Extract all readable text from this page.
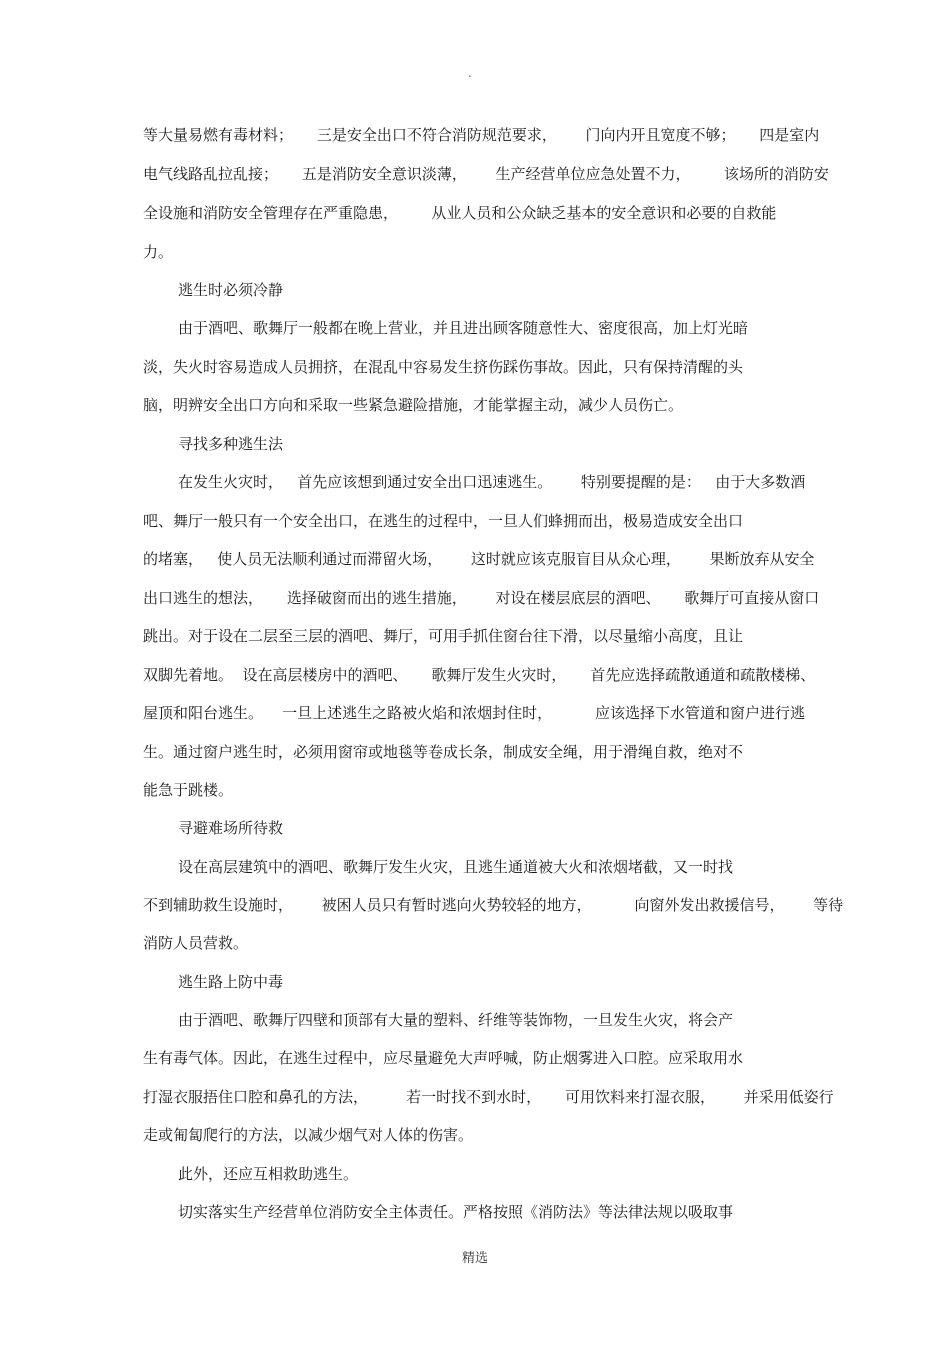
.
等大量易燃有毒材料；     三是安全出口不符合消防规范要求，      门向内开且宽度不够；     四是室内
电气线路乱拉乱接；     五是消防安全意识淡薄，      生产经营单位应急处置不力，       该场所的消防安
全设施和消防安全管理存在严重隐患，       从业人员和公众缺乏基本的安全意识和必要的自救能
力。
逃生时必须冷静
由于酒吧、歌舞厅一般都在晚上营业，并且进出顾客随意性大、密度很高，加上灯光暗
淡，失火时容易造成人员拥挤，在混乱中容易发生挤伤踩伤事故。因此，只有保持清醒的头
脑，明辨安全出口方向和采取一些紧急避险措施，才能掌握主动，减少人员伤亡。
寻找多种逃生法
在发生火灾时，   首先应该想到通过安全出口迅速逃生。      特别要提醒的是：   由于大多数酒
吧、舞厅一般只有一个安全出口，在逃生的过程中，一旦人们蜂拥而出，极易造成安全出口
的堵塞，   使人员无法顺利通过而滞留火场，      这时就应该克服盲目从众心理，      果断放弃从安全
出口逃生的想法，     选择破窗而出的逃生措施，      对设在楼层底层的酒吧、     歌舞厅可直接从窗口
跳出。对于设在二层至三层的酒吧、舞厅，可用手抓住窗台往下滑，以尽量缩小高度，且让
双脚先着地。  设在高层楼房中的酒吧、     歌舞厅发生火灾时，     首先应选择疏散通道和疏散楼梯、
屋顶和阳台逃生。    一旦上述逃生之路被火焰和浓烟封住时，         应该选择下水管道和窗户进行逃
生。通过窗户逃生时，必须用窗帘或地毯等卷成长条，制成安全绳，用于滑绳自救，绝对不
能急于跳楼。
寻避难场所待救
设在高层建筑中的酒吧、歌舞厅发生火灾，且逃生通道被大火和浓烟堵截，又一时找
不到辅助救生设施时，      被困人员只有暂时逃向火势较轻的地方，         向窗外发出救援信号，      等待
消防人员营救。
逃生路上防中毒
由于酒吧、歌舞厅四壁和顶部有大量的塑料、纤维等装饰物，一旦发生火灾，将会产
生有毒气体。因此，在逃生过程中，应尽量避免大声呼喊，防止烟雾进入口腔。应采取用水
打湿衣服捂住口腔和鼻孔的方法，        若一时找不到水时，     可用饮料来打湿衣服，      并采用低姿行
走或匍匐爬行的方法，以减少烟气对人体的伤害。
此外，还应互相救助逃生。
切实落实生产经营单位消防安全主体责任。严格按照《消防法》等法律法规以吸取事
精选
